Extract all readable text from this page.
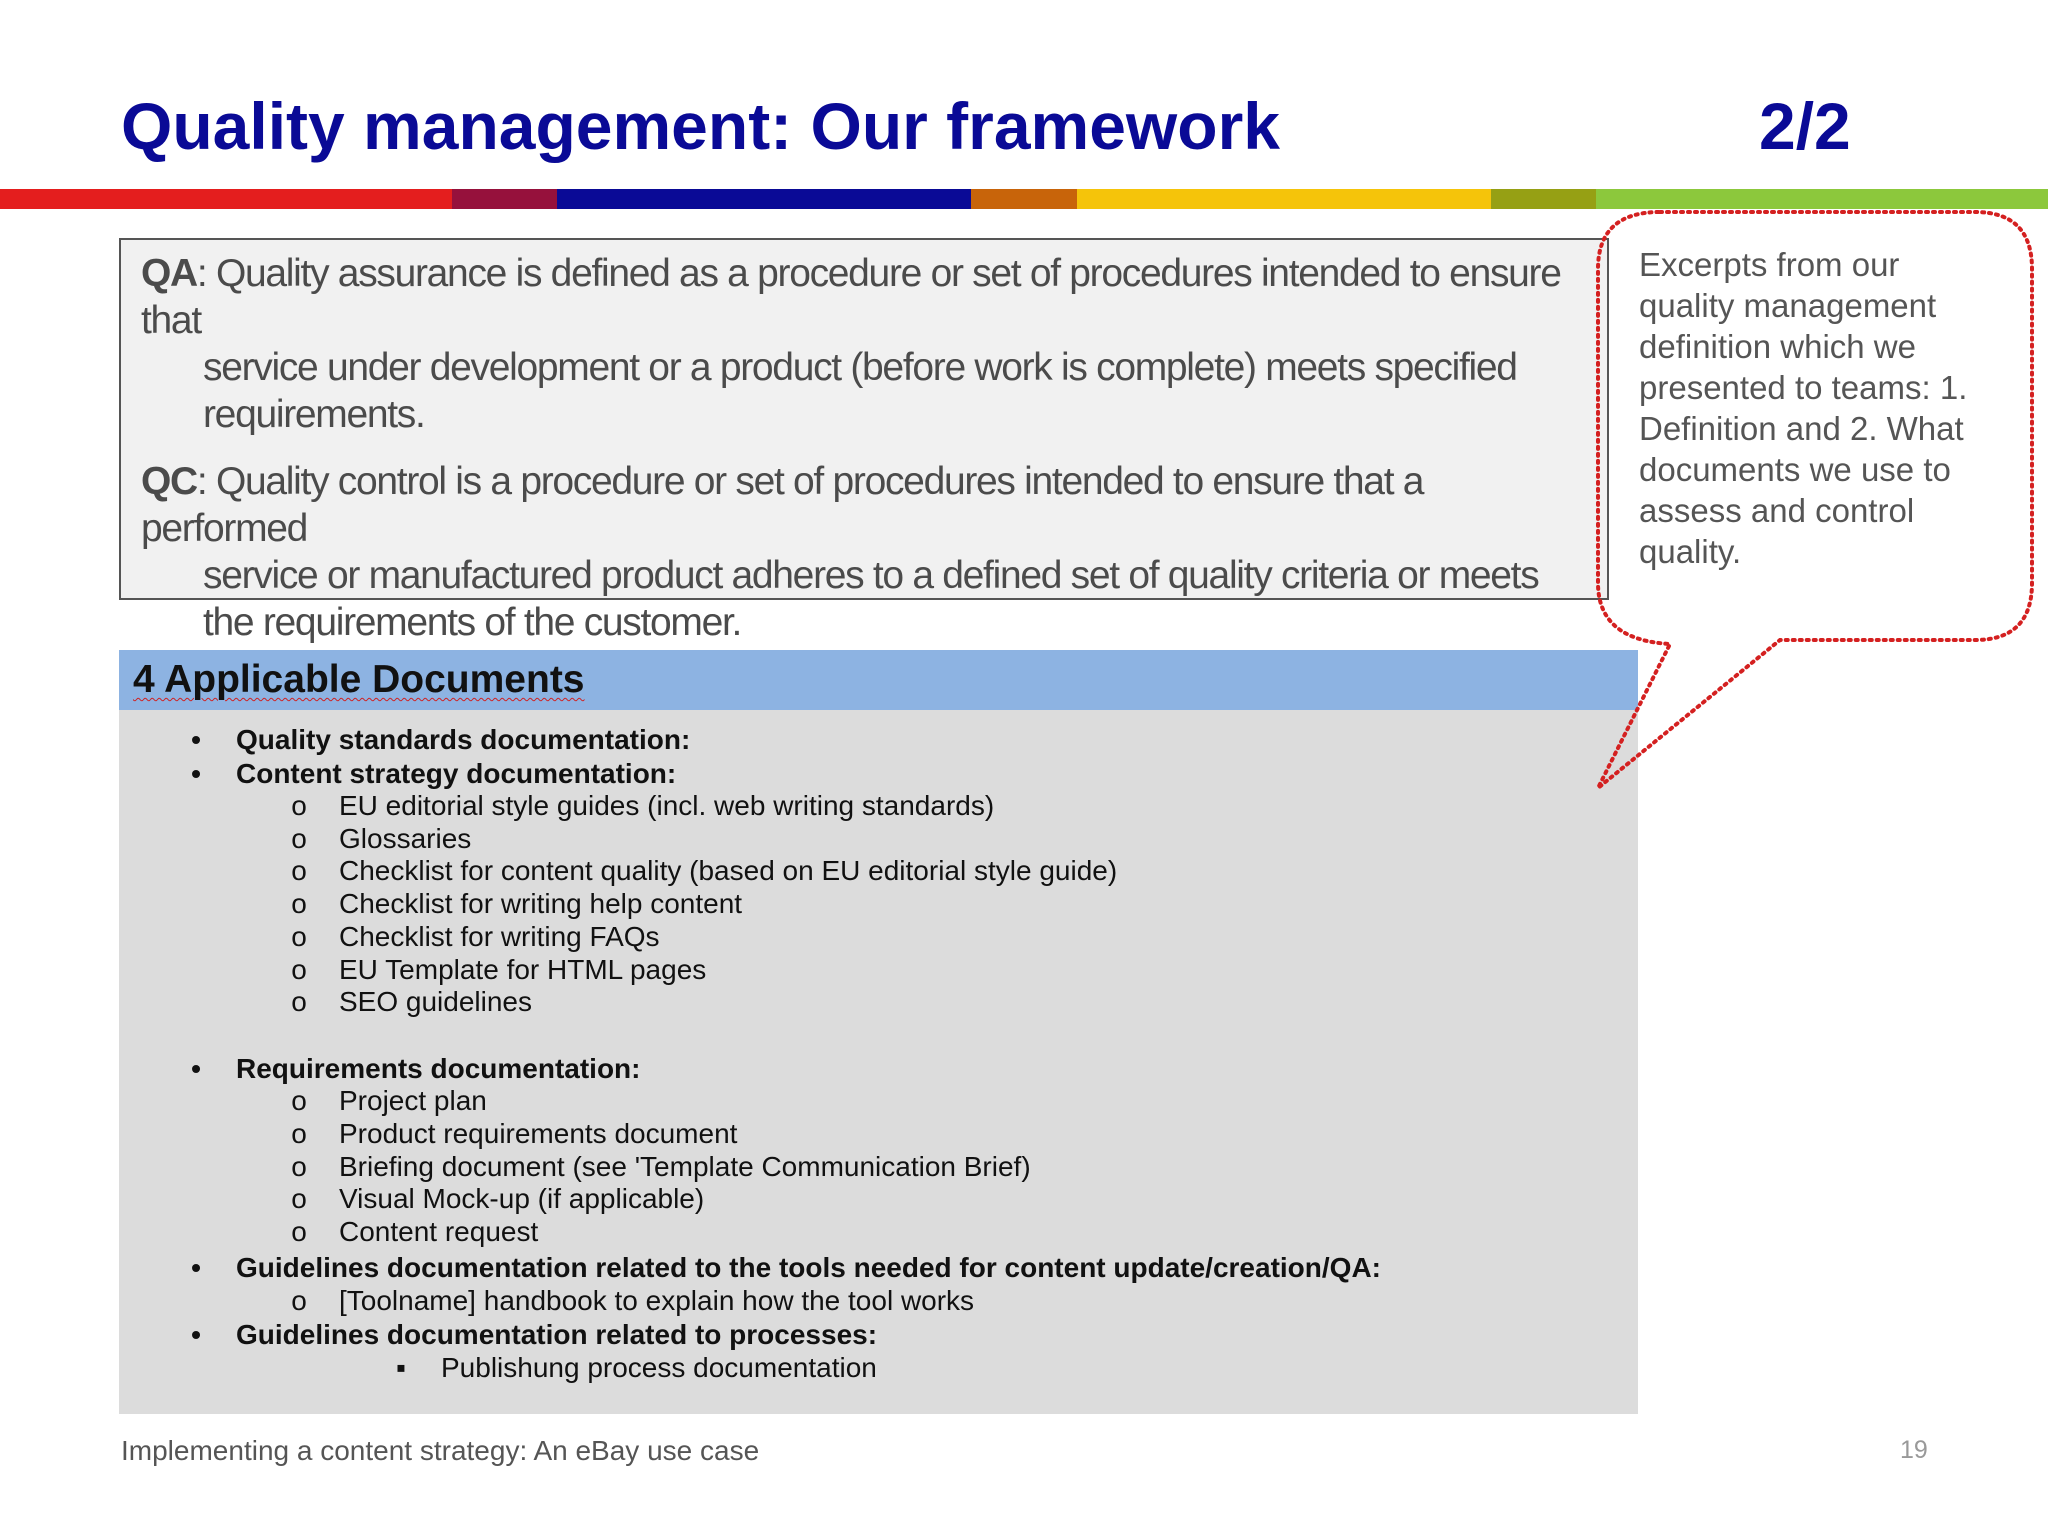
Quality management: Our framework	2/2
QA: Quality assurance is defined as a procedure or set of procedures intended to ensure that
service under development or a product (before work is complete) meets specified requirements.
QC: Quality control is a procedure or set of procedures intended to ensure that a performed
service or manufactured product adheres to a defined set of quality criteria or meets the requirements of the customer.
4 Applicable Documents
• Quality standards documentation:
• Content strategy documentation:
o EU editorial style guides (incl. web writing standards)
o Glossaries
o Checklist for content quality (based on EU editorial style guide)
o Checklist for writing help content
o Checklist for writing FAQs
o EU Template for HTML pages
o SEO guidelines
• Requirements documentation:
o Project plan
o Product requirements document
o Briefing document (see 'Template Communication Brief)
o Visual Mock-up (if applicable)
o Content request
• Guidelines documentation related to the tools needed for content update/creation/QA:
o [Toolname] handbook to explain how the tool works
• Guidelines documentation related to processes:
▪ Publishung process documentation
Excerpts from our quality management definition which we presented to teams: 1. Definition and 2. What documents we use to assess and control quality.
Implementing a content strategy: An eBay use case	19
